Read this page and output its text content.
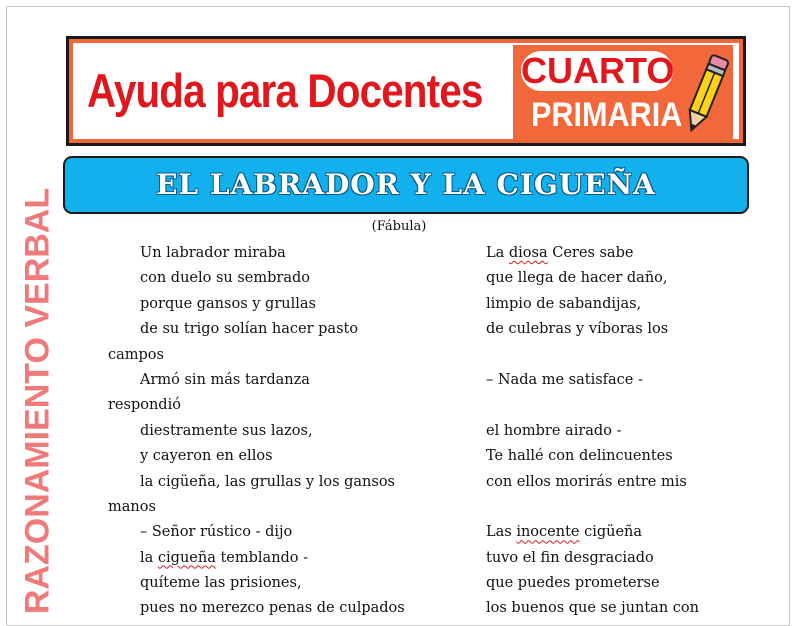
Ayuda para Docentes CUARTO
PRIMARIA
EL LABRADOR Y LA CIGUEÑA
(Fábula)
RAZONAMIENTO VERBAL	Un labrador miraba
con duelo su sembrado
porque gansos y grullas
de su trigo solían hacer pasto
campos
Armó sin más tardanza
respondió
diestramente sus lazos,
y cayeron en ellos
la cigüeña, las grullas y los gansos
manos
– Señor rústico - dijo
la cigueña temblando -
quíteme las prisiones,
pues no merezco penas de culpados
La diosa Ceres sabe
que llega de hacer daño,
limpio de sabandijas,
de culebras y víboras los

– Nada me satisface -

el hombre airado -
Te hallé con delincuentes
con ellos morirás entre mis

Las inocente cigüeña
tuvo el fin desgraciado
que puedes prometerse
los buenos que se juntan con
